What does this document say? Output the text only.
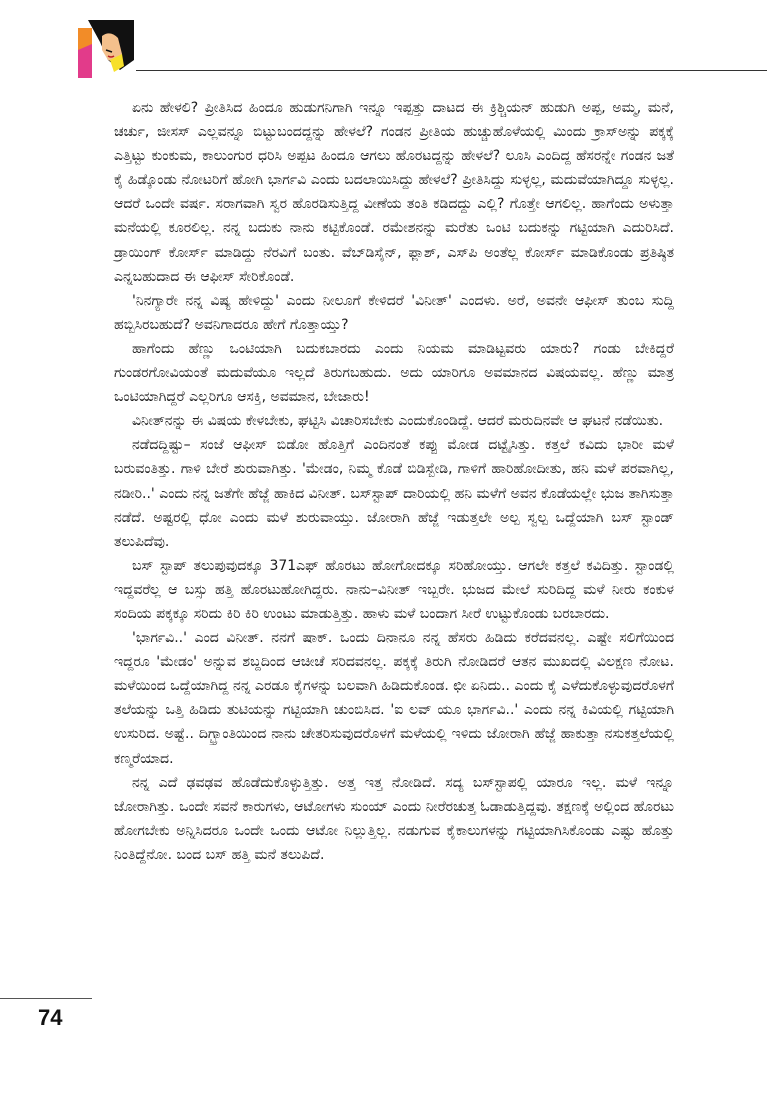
ಏನು ಹೇಳಲಿ? ಪ್ರೀತಿಸಿದ ಹಿಂದೂ ಹುಡುಗನಿಗಾಗಿ ಇನ್ನೂ ಇಪ್ಪತ್ತು ದಾಟದ ಈ ಕ್ರಿಶ್ಚಿಯನ್ ಹುಡುಗಿ ಅಪ್ಪ, ಅಮ್ಮ, ಮನೆ, ಚರ್ಚು, ಜೀಸಸ್ ಎಲ್ಲವನ್ನೂ ಬಿಟ್ಟುಬಂದದ್ದನ್ನು ಹೇಳಲೆ? ಗಂಡನ ಪ್ರೀತಿಯ ಹುಚ್ಚುಹೊಳೆಯಲ್ಲಿ ಮಿಂದು ಕ್ರಾಸ್‌ಅನ್ನು ಪಕ್ಕಕ್ಕೆ ಎತ್ತಿಟ್ಟು ಕುಂಕುಮ, ಕಾಲುಂಗುರ ಧರಿಸಿ ಅಪ್ಪಟ ಹಿಂದೂ ಆಗಲು ಹೊರಟದ್ದನ್ನು ಹೇಳಲೆ? ಲೂಸಿ ಎಂದಿದ್ದ ಹೆಸರನ್ನೇ ಗಂಡನ ಜತೆ ಕೈ ಹಿಡ್ಕೊಂಡು ನೋಟರಿಗೆ ಹೋಗಿ ಭಾರ್ಗವಿ ಎಂದು ಬದಲಾಯಿಸಿದ್ದು ಹೇಳಲೆ? ಪ್ರೀತಿಸಿದ್ದು ಸುಳ್ಳಲ್ಲ, ಮದುವೆಯಾಗಿದ್ದೂ ಸುಳ್ಳಲ್ಲ. ಆದರೆ ಒಂದೇ ವರ್ಷ. ಸರಾಗವಾಗಿ ಸ್ವರ ಹೊರಡಿಸುತ್ತಿದ್ದ ವೀಣೆಯ ತಂತಿ ಕಡಿದದ್ದು ಎಲ್ಲಿ? ಗೊತ್ತೇ ಆಗಲಿಲ್ಲ. ಹಾಗೆಂದು ಅಳುತ್ತಾ ಮನೆಯಲ್ಲಿ ಕೂರಲಿಲ್ಲ. ನನ್ನ ಬದುಕು ನಾನು ಕಟ್ಟಿಕೊಂಡೆ. ರಮೇಶನನ್ನು ಮರೆತು ಒಂಟಿ ಬದುಕನ್ನು ಗಟ್ಟಿಯಾಗಿ ಎದುರಿಸಿದೆ. ಡ್ರಾಯಿಂಗ್ ಕೋರ್ಸ್ ಮಾಡಿದ್ದು ನೆರವಿಗೆ ಬಂತು. ವೆಬ್‌ಡಿಸೈನ್, ಫ್ಲಾಶ್, ಎಸ್‌ಪಿ ಅಂತೆಲ್ಲ ಕೋರ್ಸ್ ಮಾಡಿಕೊಂಡು ಪ್ರತಿಷ್ಠಿತ ಎನ್ನಬಹುದಾದ ಈ ಆಫೀಸ್ ಸೇರಿಕೊಂಡೆ.

'ನಿನಗ್ಯಾರೇ ನನ್ನ ವಿಷ್ಯ ಹೇಳಿದ್ದು' ಎಂದು ನೀಲೂಗೆ ಕೇಳಿದರೆ 'ವಿನೀತ್' ಎಂದಳು. ಅರೆ, ಅವನೇ ಆಫೀಸ್ ತುಂಬ ಸುದ್ದಿ ಹಬ್ಬಿಸಿರಬಹುದೆ? ಅವನಿಗಾದರೂ ಹೇಗೆ ಗೊತ್ತಾಯ್ತು?

ಹಾಗೆಂದು ಹೆಣ್ಣು ಒಂಟಿಯಾಗಿ ಬದುಕಬಾರದು ಎಂದು ನಿಯಮ ಮಾಡಿಟ್ಟವರು ಯಾರು? ಗಂಡು ಬೇಕಿದ್ದರೆ ಗುಂಡರಗೋವಿಯಂತೆ ಮದುವೆಯೂ ಇಲ್ಲದೆ ತಿರುಗಬಹುದು. ಅದು ಯಾರಿಗೂ ಅವಮಾನದ ವಿಷಯವಲ್ಲ. ಹೆಣ್ಣು ಮಾತ್ರ ಒಂಟಿಯಾಗಿದ್ದರೆ ಎಲ್ಲರಿಗೂ ಆಸಕ್ತಿ, ಅವಮಾನ, ಬೇಜಾರು!

ವಿನೀತ್‌ನನ್ನು ಈ ವಿಷಯ ಕೇಳಬೇಕು, ಘಟ್ಟಿಸಿ ವಿಚಾರಿಸಬೇಕು ಎಂದುಕೊಂಡಿದ್ದೆ. ಆದರೆ ಮರುದಿನವೇ ಆ ಘಟನೆ ನಡೆಯಿತು.

ನಡೆದದ್ದಿಷ್ಟು– ಸಂಜೆ ಆಫೀಸ್ ಬಿಡೋ ಹೊತ್ತಿಗೆ ಎಂದಿನಂತೆ ಕಪ್ಪು ಮೋಡ ದಟ್ಟೈಸಿತ್ತು. ಕತ್ತಲೆ ಕವಿದು ಭಾರೀ ಮಳೆ ಬರುವಂತಿತ್ತು. ಗಾಳಿ ಬೇರೆ ಶುರುವಾಗಿತ್ತು. 'ಮೇಡಂ, ನಿಮ್ಮ ಕೊಡೆ ಬಿಡಿಸ್ಬೇಡಿ, ಗಾಳಿಗೆ ಹಾರಿಹೋದೀತು, ಹನಿ ಮಳೆ ಪರವಾಗಿಲ್ಲ, ನಡೀರಿ..' ಎಂದು ನನ್ನ ಜತೆಗೇ ಹೆಜ್ಜೆ ಹಾಕಿದ ವಿನೀತ್. ಬಸ್‌ಸ್ಟಾಪ್ ದಾರಿಯಲ್ಲಿ ಹನಿ ಮಳೆಗೆ ಅವನ ಕೊಡೆಯಲ್ಲೇ ಭುಜ ತಾಗಿಸುತ್ತಾ ನಡೆದೆ. ಅಷ್ಟರಲ್ಲಿ ಧೋ ಎಂದು ಮಳೆ ಶುರುವಾಯ್ತು. ಜೋರಾಗಿ ಹೆಜ್ಜೆ ಇಡುತ್ತಲೇ ಅಲ್ಪ ಸ್ವಲ್ಪ ಒದ್ದೆಯಾಗಿ ಬಸ್ ಸ್ಟಾಂಡ್ ತಲುಪಿದೆವು.

ಬಸ್ ಸ್ಟಾಪ್ ತಲುಪುವುದಕ್ಕೂ 371ಎಫ್ ಹೊರಟು ಹೋಗೋದಕ್ಕೂ ಸರಿಹೋಯ್ತು. ಆಗಲೇ ಕತ್ತಲೆ ಕವಿದಿತ್ತು. ಸ್ಟಾಂಡಲ್ಲಿ ಇದ್ದವರೆಲ್ಲ ಆ ಬಸ್ಸು ಹತ್ತಿ ಹೊರಟುಹೋಗಿದ್ದರು. ನಾನು–ವಿನೀತ್ ಇಬ್ಬರೇ. ಭುಜದ ಮೇಲೆ ಸುರಿದಿದ್ದ ಮಳೆ ನೀರು ಕಂಕುಳ ಸಂದಿಯ ಪಕ್ಕಕ್ಕೂ ಸರಿದು ಕಿರಿ ಕಿರಿ ಉಂಟು ಮಾಡುತ್ತಿತ್ತು. ಹಾಳು ಮಳೆ ಬಂದಾಗ ಸೀರೆ ಉಟ್ಟುಕೊಂಡು ಬರಬಾರದು.

'ಭಾರ್ಗವಿ..' ಎಂದ ವಿನೀತ್. ನನಗೆ ಷಾಕ್. ಒಂದು ದಿನಾನೂ ನನ್ನ ಹೆಸರು ಹಿಡಿದು ಕರೆದವನಲ್ಲ. ಎಷ್ಟೇ ಸಲಿಗೆಯಿಂದ ಇದ್ದರೂ 'ಮೇಡಂ' ಅನ್ನುವ ಶಬ್ದದಿಂದ ಆಚೀಚೆ ಸರಿದವನಲ್ಲ. ಪಕ್ಕಕ್ಕೆ ತಿರುಗಿ ನೋಡಿದರೆ ಆತನ ಮುಖದಲ್ಲಿ ವಿಲಕ್ಷಣ ನೋಟ. ಮಳೆಯಿಂದ ಒದ್ದೆಯಾಗಿದ್ದ ನನ್ನ ಎರಡೂ ಕೈಗಳನ್ನು ಬಲವಾಗಿ ಹಿಡಿದುಕೊಂಡ. ಛೀ ಏನಿದು.. ಎಂದು ಕೈ ಎಳೆದುಕೊಳ್ಳುವುದರೊಳಗೆ ತಲೆಯನ್ನು ಒತ್ತಿ ಹಿಡಿದು ತುಟಿಯನ್ನು ಗಟ್ಟಿಯಾಗಿ ಚುಂಬಿಸಿದ. 'ಐ ಲವ್ ಯೂ ಭಾರ್ಗವಿ..' ಎಂದು ನನ್ನ ಕಿವಿಯಲ್ಲಿ ಗಟ್ಟಿಯಾಗಿ ಉಸುರಿದ. ಅಷ್ಟೆ.. ದಿಗ್ಭ್ರಾಂತಿಯಿಂದ ನಾನು ಚೇತರಿಸುವುದರೊಳಗೆ ಮಳೆಯಲ್ಲಿ ಇಳಿದು ಜೋರಾಗಿ ಹೆಜ್ಜೆ ಹಾಕುತ್ತಾ ನಸುಕತ್ತಲೆಯಲ್ಲಿ ಕಣ್ಮರೆಯಾದ.

ನನ್ನ ಎದೆ ಢವಢವ ಹೊಡೆದುಕೊಳ್ಳುತ್ತಿತ್ತು. ಅತ್ತ ಇತ್ತ ನೋಡಿದೆ. ಸದ್ಯ ಬಸ್‌ಸ್ಟಾಪಲ್ಲಿ ಯಾರೂ ಇಲ್ಲ. ಮಳೆ ಇನ್ನೂ ಜೋರಾಗಿತ್ತು. ಒಂದೇ ಸವನೆ ಕಾರುಗಳು, ಆಟೋಗಳು ಸುಂಯ್ ಎಂದು ನೀರೆರಚುತ್ತ ಓಡಾಡುತ್ತಿದ್ದವು. ತಕ್ಷಣಕ್ಕೆ ಅಲ್ಲಿಂದ ಹೊರಟು ಹೋಗಬೇಕು ಅನ್ನಿಸಿದರೂ ಒಂದೇ ಒಂದು ಆಟೋ ನಿಲ್ಲುತ್ತಿಲ್ಲ. ನಡುಗುವ ಕೈಕಾಲುಗಳನ್ನು ಗಟ್ಟಿಯಾಗಿಸಿಕೊಂಡು ಎಷ್ಟು ಹೊತ್ತು ನಿಂತಿದ್ದೆನೋ. ಬಂದ ಬಸ್ ಹತ್ತಿ ಮನೆ ತಲುಪಿದೆ.

74
